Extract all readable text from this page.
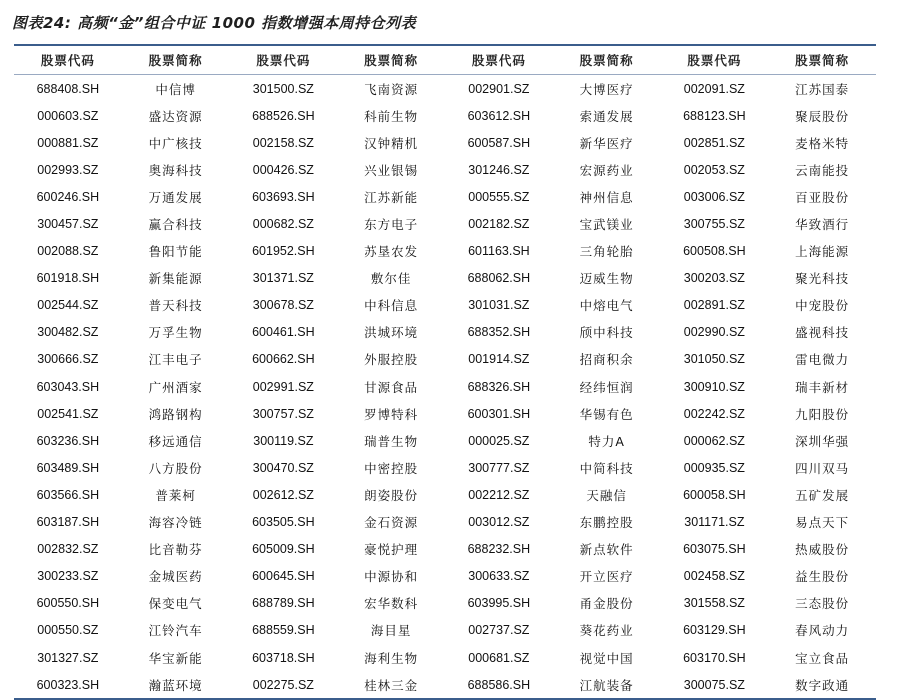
图表24: 高频“金”组合中证 1000 指数增强本周持仓列表
股票代码	股票简称	股票代码	股票简称	股票代码	股票简称	股票代码	股票简称
688408.SH	中信博	301500.SZ	飞南资源	002901.SZ	大博医疗	002091.SZ	江苏国泰
000603.SZ	盛达资源	688526.SH	科前生物	603612.SH	索通发展	688123.SH	聚辰股份
000881.SZ	中广核技	002158.SZ	汉钟精机	600587.SH	新华医疗	002851.SZ	麦格米特
002993.SZ	奥海科技	000426.SZ	兴业银锡	301246.SZ	宏源药业	002053.SZ	云南能投
600246.SH	万通发展	603693.SH	江苏新能	000555.SZ	神州信息	003006.SZ	百亚股份
300457.SZ	赢合科技	000682.SZ	东方电子	002182.SZ	宝武镁业	300755.SZ	华致酒行
002088.SZ	鲁阳节能	601952.SH	苏垦农发	601163.SH	三角轮胎	600508.SH	上海能源
601918.SH	新集能源	301371.SZ	敷尔佳	688062.SH	迈威生物	300203.SZ	聚光科技
002544.SZ	普天科技	300678.SZ	中科信息	301031.SZ	中熔电气	002891.SZ	中宠股份
300482.SZ	万孚生物	600461.SH	洪城环境	688352.SH	颀中科技	002990.SZ	盛视科技
300666.SZ	江丰电子	600662.SH	外服控股	001914.SZ	招商积余	301050.SZ	雷电微力
603043.SH	广州酒家	002991.SZ	甘源食品	688326.SH	经纬恒润	300910.SZ	瑞丰新材
002541.SZ	鸿路钢构	300757.SZ	罗博特科	600301.SH	华锡有色	002242.SZ	九阳股份
603236.SH	移远通信	300119.SZ	瑞普生物	000025.SZ	特力A	000062.SZ	深圳华强
603489.SH	八方股份	300470.SZ	中密控股	300777.SZ	中简科技	000935.SZ	四川双马
603566.SH	普莱柯	002612.SZ	朗姿股份	002212.SZ	天融信	600058.SH	五矿发展
603187.SH	海容冷链	603505.SH	金石资源	003012.SZ	东鹏控股	301171.SZ	易点天下
002832.SZ	比音勒芬	605009.SH	豪悦护理	688232.SH	新点软件	603075.SH	热威股份
300233.SZ	金城医药	600645.SH	中源协和	300633.SZ	开立医疗	002458.SZ	益生股份
600550.SH	保变电气	688789.SH	宏华数科	603995.SH	甬金股份	301558.SZ	三态股份
000550.SZ	江铃汽车	688559.SH	海目星	002737.SZ	葵花药业	603129.SH	春风动力
301327.SZ	华宝新能	603718.SH	海利生物	000681.SZ	视觉中国	603170.SH	宝立食品
600323.SH	瀚蓝环境	002275.SZ	桂林三金	688586.SH	江航装备	300075.SZ	数字政通
